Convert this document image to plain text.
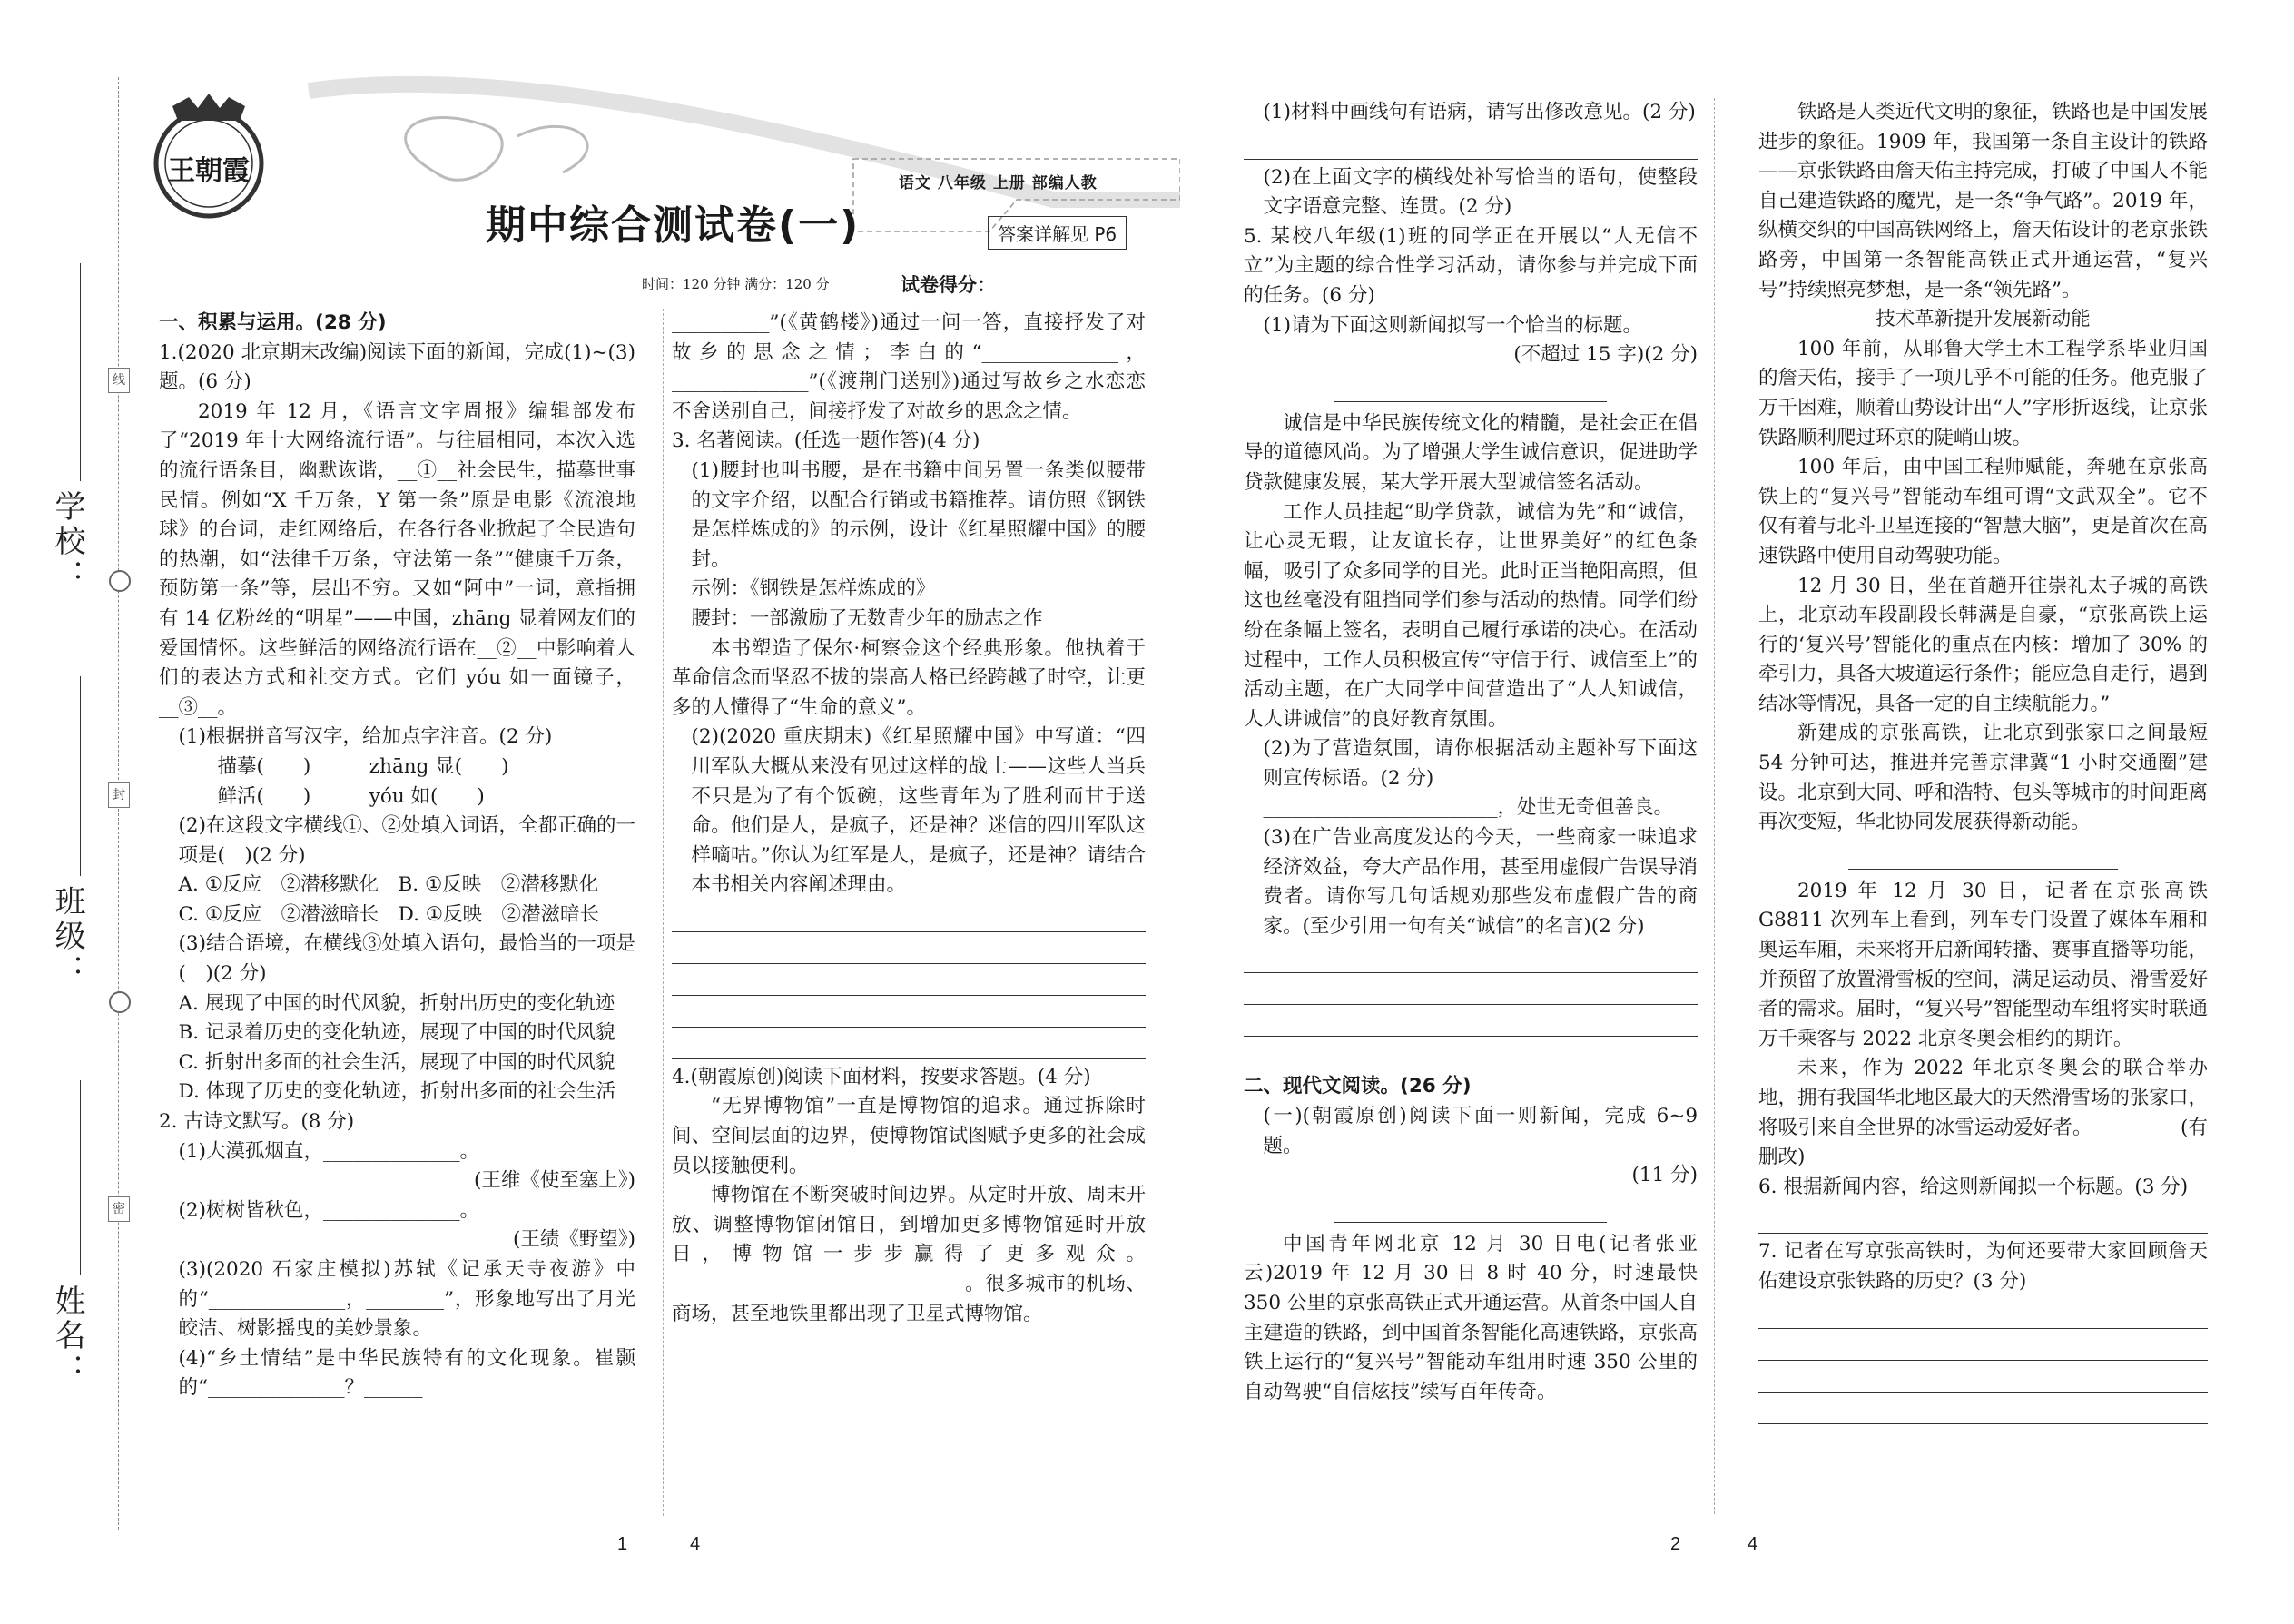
线
封
密
学校：
班级：
姓名：
王朝霞
期中综合测试卷(一)
语文 八年级 上册 部编人教
答案详解见 P6
时间：120 分钟 满分：120 分	试卷得分：

一、积累与运用。(28 分)

1.(2020 北京期末改编)阅读下面的新闻，完成(1)~(3)题。(6 分)

2019 年 12 月，《语言文字周报》编辑部发布了“2019 年十大网络流行语”。与往届相同，本次入选的流行语条目，幽默诙谐，__①__社会民生，描摹世事民情。例如“X 千万条，Y 第一条”原是电影《流浪地球》的台词，走红网络后，在各行各业掀起了全民造句的热潮，如“法律千万条，守法第一条”“健康千万条，预防第一条”等，层出不穷。又如“阿中”一词，意指拥有 14 亿粉丝的“明星”——中国，zhāng 显着网友们的爱国情怀。这些鲜活的网络流行语在__②__中影响着人们的表达方式和社交方式。它们 yóu 如一面镜子，__③__。

(1)根据拼音写汉字，给加点字注音。(2 分)

　　描摹(　　)　　　zhāng 显(　　)

　　鲜活(　　)　　　yóu 如(　　)

(2)在这段文字横线①、②处填入词语，全都正确的一项是(　)(2 分)

A. ①反应　②潜移默化　B. ①反映　②潜移默化

C. ①反应　②潜滋暗长　D. ①反映　②潜滋暗长

(3)结合语境，在横线③处填入语句，最恰当的一项是(　)(2 分)

A. 展现了中国的时代风貌，折射出历史的变化轨迹

B. 记录着历史的变化轨迹，展现了中国的时代风貌

C. 折射出多面的社会生活，展现了中国的时代风貌

D. 体现了历史的变化轨迹，折射出多面的社会生活

2. 古诗文默写。(8 分)

(1)大漠孤烟直，______________。

(王维《使至塞上》)

(2)树树皆秋色，______________。

(王绩《野望》)

(3)(2020 石家庄模拟)苏轼《记承天寺夜游》中的“______________，________”，形象地写出了月光皎洁、树影摇曳的美妙景象。

(4)“乡土情结”是中华民族特有的文化现象。崔颢的“______________？______

__________”(《黄鹤楼》)通过一问一答，直接抒发了对故乡的思念之情；李白的“______________，______________”(《渡荆门送别》)通过写故乡之水恋恋不舍送别自己，间接抒发了对故乡的思念之情。

3. 名著阅读。(任选一题作答)(4 分)

(1)腰封也叫书腰，是在书籍中间另置一条类似腰带的文字介绍，以配合行销或书籍推荐。请仿照《钢铁是怎样炼成的》的示例，设计《红星照耀中国》的腰封。

示例：《钢铁是怎样炼成的》

腰封：一部激励了无数青少年的励志之作

本书塑造了保尔·柯察金这个经典形象。他执着于革命信念而坚忍不拔的崇高人格已经跨越了时空，让更多的人懂得了“生命的意义”。

(2)(2020 重庆期末)《红星照耀中国》中写道：“四川军队大概从来没有见过这样的战士——这些人当兵不只是为了有个饭碗，这些青年为了胜利而甘于送命。他们是人，是疯子，还是神？迷信的四川军队这样嘀咕。”你认为红军是人，是疯子，还是神？请结合本书相关内容阐述理由。

4.(朝霞原创)阅读下面材料，按要求答题。(4 分)

“无界博物馆”一直是博物馆的追求。通过拆除时间、空间层面的边界，使博物馆试图赋予更多的社会成员以接触便利。

博物馆在不断突破时间边界。从定时开放、周末开放、调整博物馆闭馆日，到增加更多博物馆延时开放日，博物馆一步步赢得了更多观众。______________________________。很多城市的机场、商场，甚至地铁里都出现了卫星式博物馆。

(1)材料中画线句有语病，请写出修改意见。(2 分)

(2)在上面文字的横线处补写恰当的语句，使整段文字语意完整、连贯。(2 分)

5. 某校八年级(1)班的同学正在开展以“人无信不立”为主题的综合性学习活动，请你参与并完成下面的任务。(6 分)

(1)请为下面这则新闻拟写一个恰当的标题。

(不超过 15 字)(2 分)

诚信是中华民族传统文化的精髓，是社会正在倡导的道德风尚。为了增强大学生诚信意识，促进助学贷款健康发展，某大学开展大型诚信签名活动。

工作人员挂起“助学贷款，诚信为先”和“诚信，让心灵无瑕，让友谊长存，让世界美好”的红色条幅，吸引了众多同学的目光。此时正当艳阳高照，但这也丝毫没有阻挡同学们参与活动的热情。同学们纷纷在条幅上签名，表明自己履行承诺的决心。在活动过程中，工作人员积极宣传“守信于行、诚信至上”的活动主题，在广大同学中间营造出了“人人知诚信，人人讲诚信”的良好教育氛围。

(2)为了营造氛围，请你根据活动主题补写下面这则宣传标语。(2 分)

________________________，处世无奇但善良。

(3)在广告业高度发达的今天，一些商家一味追求经济效益，夸大产品作用，甚至用虚假广告误导消费者。请你写几句话规劝那些发布虚假广告的商家。(至少引用一句有关“诚信”的名言)(2 分)

二、现代文阅读。(26 分)

(一)(朝霞原创)阅读下面一则新闻，完成 6~9 题。

(11 分)

中国青年网北京 12 月 30 日电(记者张亚云)2019 年 12 月 30 日 8 时 40 分，时速最快 350 公里的京张高铁正式开通运营。从首条中国人自主建造的铁路，到中国首条智能化高速铁路，京张高铁上运行的“复兴号”智能动车组用时速 350 公里的自动驾驶“自信炫技”续写百年传奇。

铁路是人类近代文明的象征，铁路也是中国发展进步的象征。1909 年，我国第一条自主设计的铁路——京张铁路由詹天佑主持完成，打破了中国人不能自己建造铁路的魔咒，是一条“争气路”。2019 年，纵横交织的中国高铁网络上，詹天佑设计的老京张铁路旁，中国第一条智能高铁正式开通运营，“复兴号”持续照亮梦想，是一条“领先路”。

技术革新提升发展新动能

100 年前，从耶鲁大学土木工程学系毕业归国的詹天佑，接手了一项几乎不可能的任务。他克服了万千困难，顺着山势设计出“人”字形折返线，让京张铁路顺利爬过环京的陡峭山坡。

100 年后，由中国工程师赋能，奔驰在京张高铁上的“复兴号”智能动车组可谓“文武双全”。它不仅有着与北斗卫星连接的“智慧大脑”，更是首次在高速铁路中使用自动驾驶功能。

12 月 30 日，坐在首趟开往崇礼太子城的高铁上，北京动车段副段长韩满是自豪，“京张高铁上运行的‘复兴号’智能化的重点在内核：增加了 30% 的牵引力，具备大坡道运行条件；能应急自走行，遇到结冰等情况，具备一定的自主续航能力。”

新建成的京张高铁，让北京到张家口之间最短 54 分钟可达，推进并完善京津冀“1 小时交通圈”建设。北京到大同、呼和浩特、包头等城市的时间距离再次变短，华北协同发展获得新动能。

2019 年 12 月 30 日，记者在京张高铁 G8811 次列车上看到，列车专门设置了媒体车厢和奥运车厢，未来将开启新闻转播、赛事直播等功能，并预留了放置滑雪板的空间，满足运动员、滑雪爱好者的需求。届时，“复兴号”智能型动车组将实时联通万千乘客与 2022 北京冬奥会相约的期许。

未来，作为 2022 年北京冬奥会的联合举办地，拥有我国华北地区最大的天然滑雪场的张家口，将吸引来自全世界的冰雪运动爱好者。　　　　　(有删改)

6. 根据新闻内容，给这则新闻拟一个标题。(3 分)

7. 记者在写京张高铁时，为何还要带大家回顾詹天佑建设京张铁路的历史？(3 分)

1	4	2	4
